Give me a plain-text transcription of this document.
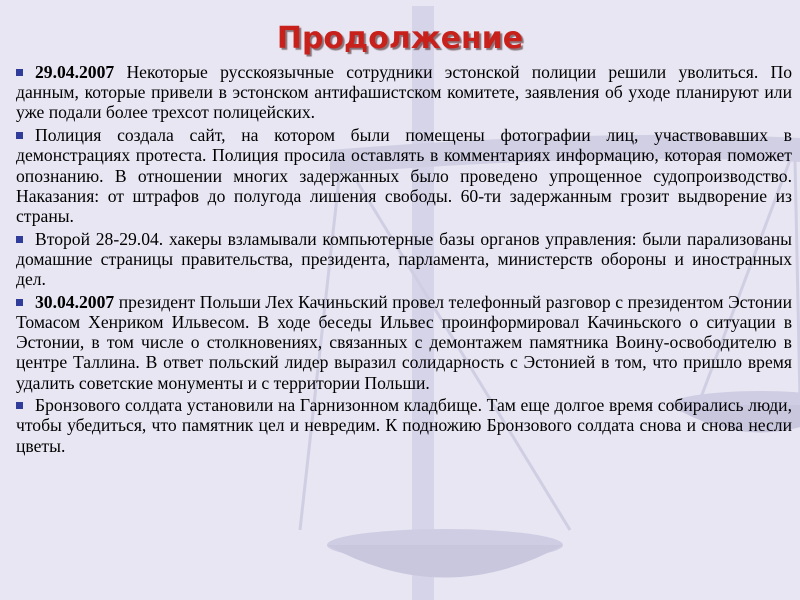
Продолжение
29.04.2007 Некоторые русскоязычные сотрудники эстонской полиции решили уволиться. По данным, которые привели в эстонском антифашистском комитете, заявления об уходе планируют или уже подали более трехсот полицейских.
Полиция создала сайт, на котором были помещены фотографии лиц, участвовавших в демонстрациях протеста. Полиция просила оставлять в комментариях информацию, которая поможет опознанию. В отношении многих задержанных было проведено упрощенное судопроизводство. Наказания: от штрафов до полугода лишения свободы. 60-ти задержанным грозит выдворение из страны.
Второй 28-29.04. хакеры взламывали компьютерные базы органов управления: были парализованы домашние страницы правительства, президента, парламента, министерств обороны и иностранных дел.
30.04.2007 президент Польши Лех Качиньский провел телефонный разговор с президентом Эстонии Томасом Хенриком Ильвесом. В ходе беседы Ильвес проинформировал Качиньского о ситуации в Эстонии, в том числе о столкновениях, связанных с демонтажем памятника Воину-освободителю в центре Таллина. В ответ польский лидер выразил солидарность с Эстонией в том, что пришло время удалить советские монументы и с территории Польши.
Бронзового солдата установили на Гарнизонном кладбище. Там еще долгое время собирались люди, чтобы убедиться, что памятник цел и невредим. К подножию Бронзового солдата снова и снова несли цветы.
